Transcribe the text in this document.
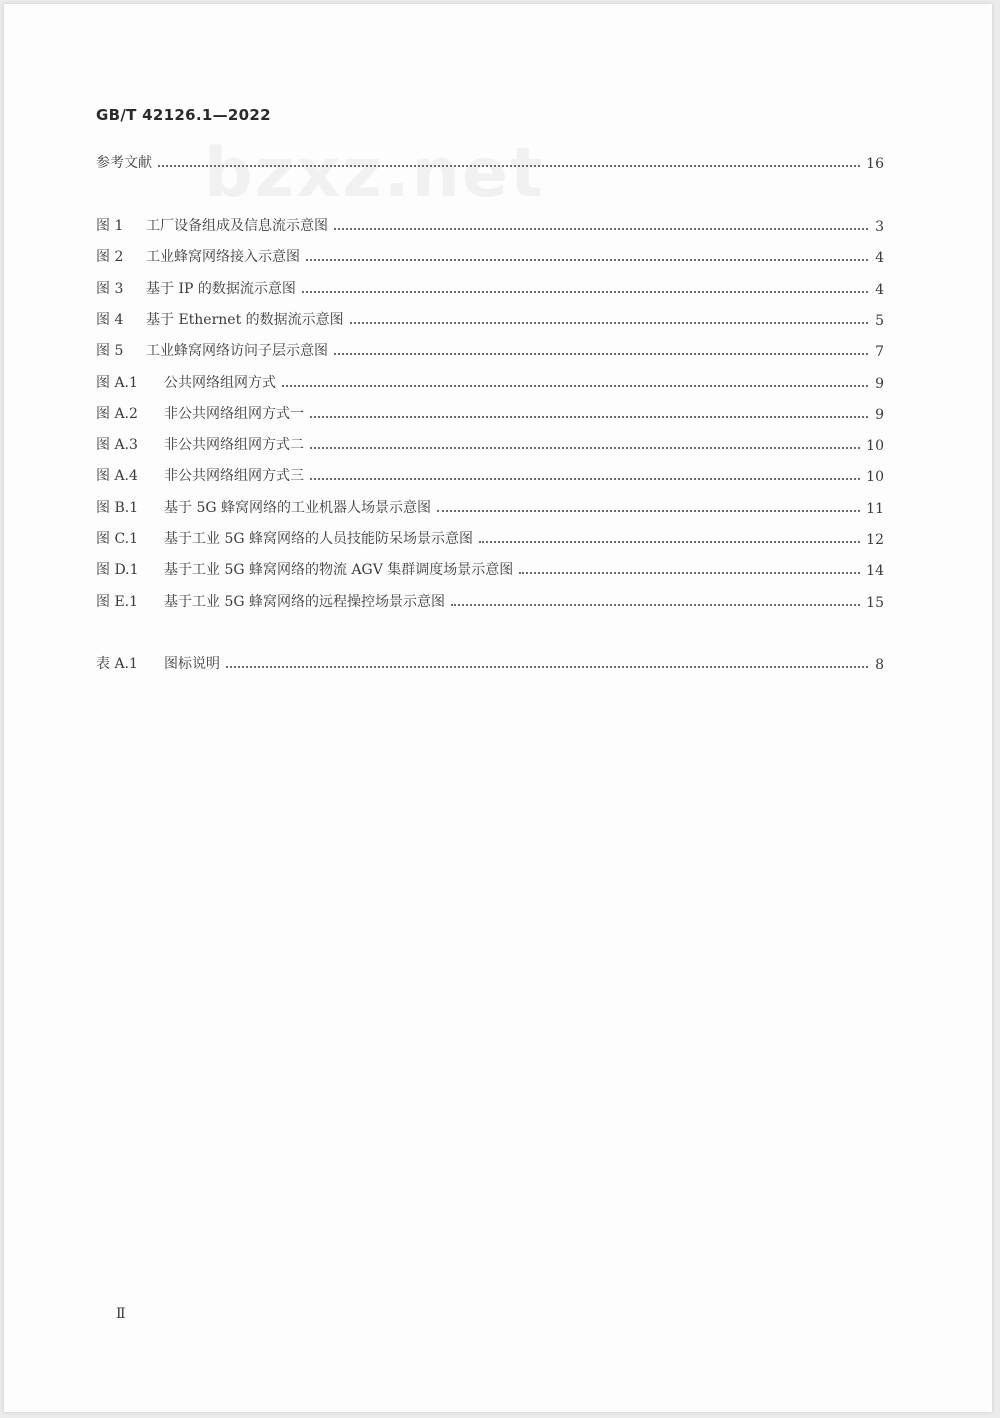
bzxz.net
GB/T 42126.1—2022
参考文献	16
图 1 工厂设备组成及信息流示意图	3
图 2 工业蜂窝网络接入示意图	4
图 3 基于 IP 的数据流示意图	4
图 4 基于 Ethernet 的数据流示意图	5
图 5 工业蜂窝网络访问子层示意图	7
图 A.1 公共网络组网方式	9
图 A.2 非公共网络组网方式一	9
图 A.3 非公共网络组网方式二	10
图 A.4 非公共网络组网方式三	10
图 B.1 基于 5G 蜂窝网络的工业机器人场景示意图	11
图 C.1 基于工业 5G 蜂窝网络的人员技能防呆场景示意图	12
图 D.1 基于工业 5G 蜂窝网络的物流 AGV 集群调度场景示意图	14
图 E.1 基于工业 5G 蜂窝网络的远程操控场景示意图	15
表 A.1 图标说明	8
Ⅱ
